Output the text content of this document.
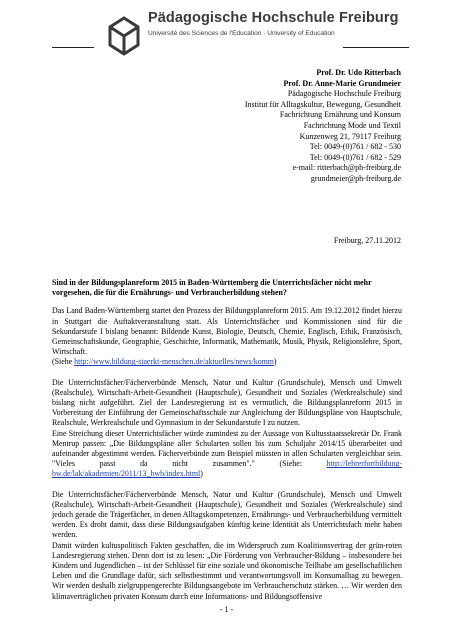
Pädagogische Hochschule Freiburg
Université des Sciences de l'Education · University of Education
Prof. Dr. Udo Ritterbach
Prof. Dr. Anne-Marie Grundmeier
Pädagogische Hochschule Freiburg
Institut für Alltagskultur, Bewegung, Gesundheit
Fachrichtung Ernährung und Konsum
Fachrichtung Mode und Textil
Kunzenweg 21, 79117 Freiburg
Tel: 0049-(0)761 / 682 - 530
Tel: 0049-(0)761 / 682 - 529
e-mail: ritterbach@ph-freiburg.de
grundmeier@ph-freiburg.de
Freiburg, 27.11.2012
Sind in der Bildungsplanreform 2015 in Baden-Württemberg die Unterrichtsfächer nicht mehr vorgesehen, die für die Ernährungs- und Verbraucherbildung stehen?
Das Land Baden-Württemberg startet den Prozess der Bildungsplanreform 2015. Am 19.12.2012 findet hierzu in Stuttgart die Auftaktveranstaltung statt. Als Unterrichtsfächer und Kommissionen sind für die Sekundarstufe I bislang benannt: Bildende Kunst, Biologie, Deutsch, Chemie, Englisch, Ethik, Französisch, Gemeinschaftskunde, Geographie, Geschichte, Informatik, Mathematik, Musik, Physik, Religionslehre, Sport, Wirtschaft.
(Siehe http://www.bildung-staerkt-menschen.de/aktuelles/news/komm)
Die Unterrichtsfächer/Fächerverbünde Mensch, Natur und Kultur (Grundschule), Mensch und Umwelt (Realschule), Wirtschaft-Arbeit-Gesundheit (Hauptschule), Gesundheit und Soziales (Werkrealschule) sind bislang nicht aufgeführt. Ziel der Landesregierung ist es vermutlich, die Bildungsplanreform 2015 in Vorbereitung der Einführung der Gemeinschaftsschule zur Angleichung der Bildungspläne von Hauptschule, Realschule, Werkrealschule und Gymnasium in der Sekundarstufe I zu nutzen.
Eine Streichung dieser Unterrichtsfächer würde zumindest zu der Aussage von Kultusstaatssekretär Dr. Frank Mentrup passen: „Die Bildungspläne aller Schularten sollen bis zum Schuljahr 2014/15 überarbeitet und aufeinander abgestimmt werden. Fächerverbünde zum Beispiel müssten in allen Schularten vergleichbar sein. "Vieles passt da nicht zusammen"." (Siehe: http://lehrerfortbildung-bw.de/lak/akademien/2011/13_bwb/index.html)
Die Unterrichtsfächer/Fächerverbünde Mensch, Natur und Kultur (Grundschule), Mensch und Umwelt (Realschule), Wirtschaft-Arbeit-Gesundheit (Hauptschule), Gesundheit und Soziales (Werkrealschule) sind jedoch gerade die Trägerfächer, in denen Alltagskompetenzen, Ernährungs- und Verbraucherbildung vermittelt werden. Es droht damit, dass diese Bildungsaufgaben künftig keine Identität als Unterrichtsfach mehr haben werden.
Damit würden kultuspolitisch Fakten geschaffen, die im Widerspruch zum Koalitionsvertrag der grün-roten Landesregierung stehen. Denn dort ist zu lesen: „Die Förderung von Verbraucher-Bildung – insbesondere bei Kindern und Jugendlichen – ist der Schlüssel für eine soziale und ökonomische Teilhabe am gesellschaftlichen Leben und die Grundlage dafür, sich selbstbestimmt und verantwortungsvoll im Konsumalltag zu bewegen. Wir werden deshalb zielgruppengerechte Bildungsangebote im Verbraucherschutz stärken. … Wir werden den klimaverträglichen privaten Konsum durch eine Informations- und Bildungsoffensive
- 1 -
